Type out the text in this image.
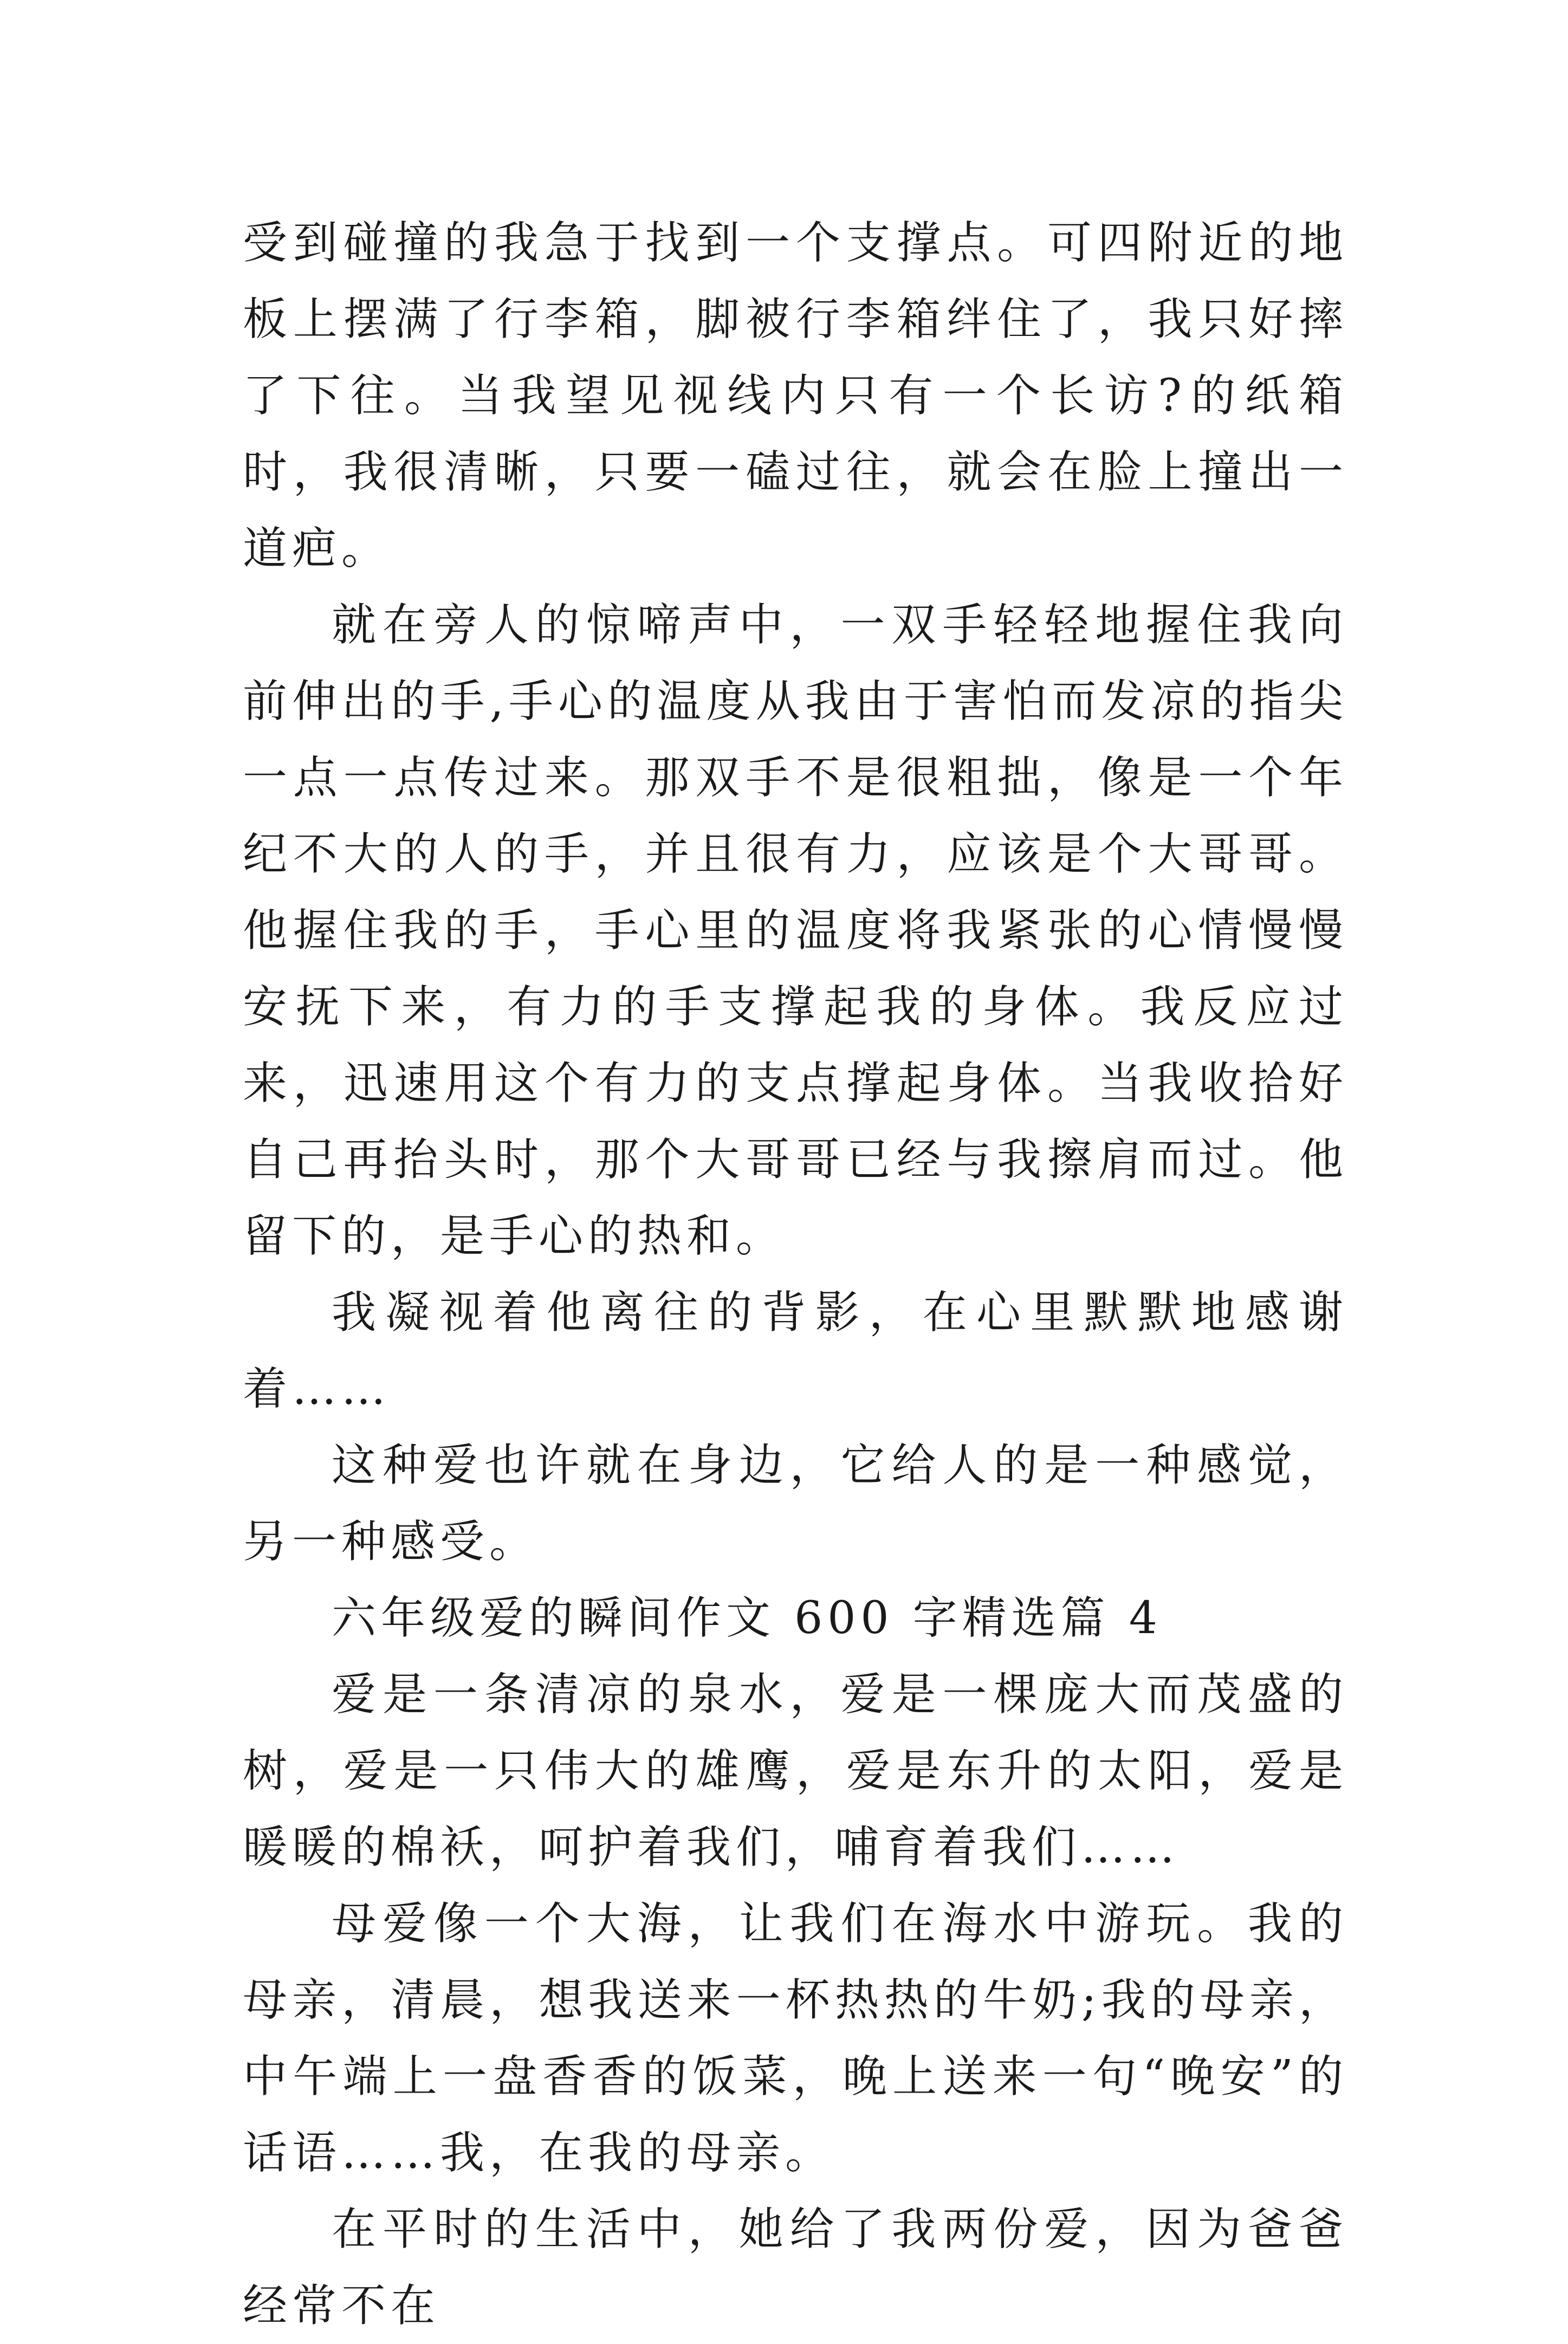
受到碰撞的我急于找到一个支撑点。可四附近的地板上摆满了行李箱，脚被行李箱绊住了，我只好摔了下往。当我望见视线内只有一个长访?的纸箱时，我很清晰，只要一磕过往，就会在脸上撞出一道疤。

就在旁人的惊啼声中，一双手轻轻地握住我向前伸出的手,手心的温度从我由于害怕而发凉的指尖一点一点传过来。那双手不是很粗拙，像是一个年纪不大的人的手，并且很有力，应该是个大哥哥。他握住我的手，手心里的温度将我紧张的心情慢慢安抚下来，有力的手支撑起我的身体。我反应过来，迅速用这个有力的支点撑起身体。当我收拾好自己再抬头时，那个大哥哥已经与我擦肩而过。他留下的，是手心的热和。

我凝视着他离往的背影，在心里默默地感谢着……

这种爱也许就在身边，它给人的是一种感觉，另一种感受。

六年级爱的瞬间作文 600 字精选篇 4

爱是一条清凉的泉水，爱是一棵庞大而茂盛的树，爱是一只伟大的雄鹰，爱是东升的太阳，爱是暖暖的棉袄，呵护着我们，哺育着我们……

母爱像一个大海，让我们在海水中游玩。我的母亲，清晨，想我送来一杯热热的牛奶;我的母亲，中午端上一盘香香的饭菜，晚上送来一句“晚安”的话语……我，在我的母亲。

在平时的生活中，她给了我两份爱，因为爸爸经常不在
